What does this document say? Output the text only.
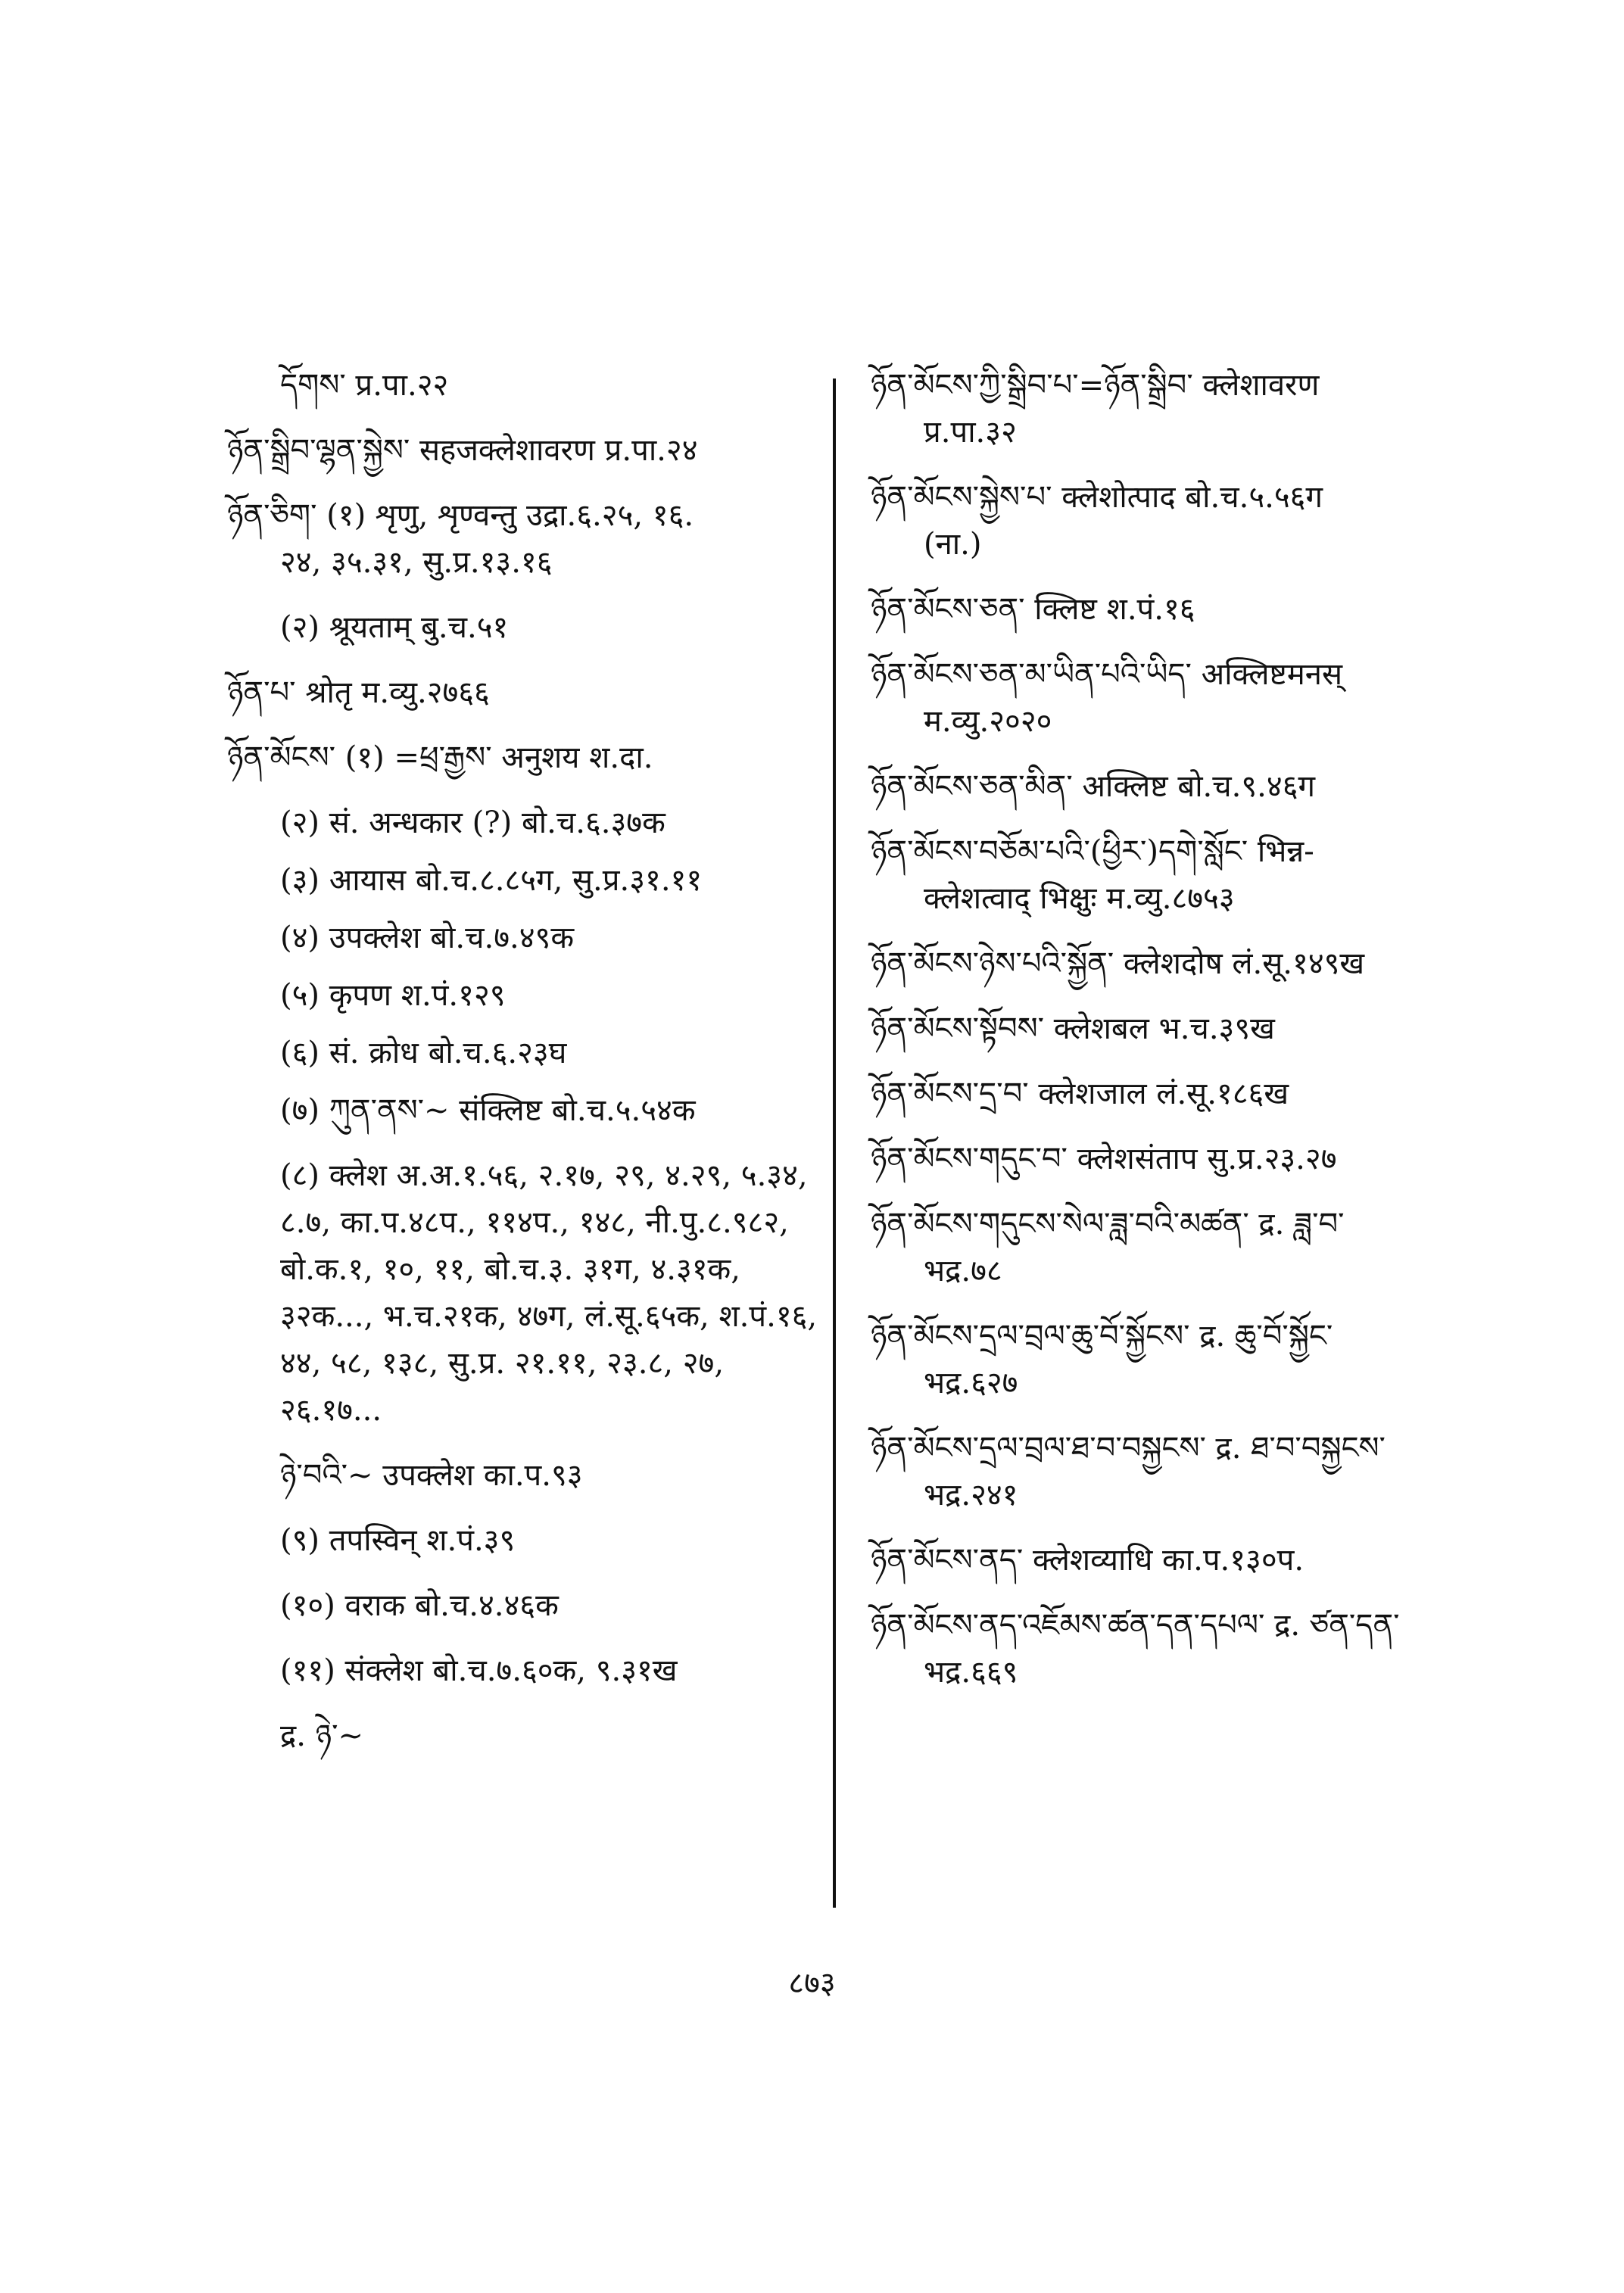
དོགས་ प्र.पा.२२
ཉོན་སྒྲིབ་ལྷན་སྐྱེས་ सहजक्लेशावरण प्र.पा.२४
ཉོན་ཅིག་ (१) शृणु, शृण्वन्तु उद्रा.६.२५, १६.
२४, ३५.३१, सु.प्र.१३.१६
(२) श्रूयताम् बु.च.५१
ཉོན་པ་ श्रोतृ म.व्यु.२७६६
ཉོན་མོངས་ (१) =ཕྲ་རྒྱས་ अनुशय श.दा.
(२) सं. अन्धकार (?) बो.च.६.३७क
(३) आयास बो.च.८.८५ग, सु.प्र.३१.११
(४) उपक्लेश बो.च.७.४९क
(५) कृपण श.पं.१२९
(६) सं. क्रोध बो.च.६.२३घ
(७) ཀུན་ནས་~ संक्लिष्ट बो.च.५.५४क
(८) क्लेश अ.अ.१.५६, २.१७, २९, ४.२९, ५.३४, ८.७, का.प.४८प., ११४प., १४८, नी.पु.८.९८२, बो.क.१, १०, ११, बो.च.३. ३१ग, ४.३१क, ३२क..., भ.च.२१क, ४७ग, लं.सू.६५क, श.पं.१६, ४४, ५८, १३८, सु.प्र. २१.११, २३.८, २७, २६.१७...
ཉེ་བའི་~ उपक्लेश का.प.९३
(९) तपस्विन् श.पं.३९
(१०) वराक बो.च.४.४६क
(११) संक्लेश बो.च.७.६०क, ९.३१ख
द्र. ཉེ་~
ཉོན་མོངས་ཀྱི་སྒྲིབ་པ་=ཉོན་སྒྲིབ་ क्लेशावरण
प्र.पा.३२
ཉོན་མོངས་སྐྱེས་པ་ क्लेशोत्पाद बो.च.५.५६ग
(ना.)
ཉོན་མོངས་ཅན་ क्लिष्ट श.पं.१६
ཉོན་མོངས་ཅན་མ་ཡིན་པའི་ཡིད་ अक्लिष्टमनस्
म.व्यु.२०२०
ཉོན་མོངས་ཅན་མིན་ अक्लिष्ट बो.च.९.४६ग
ཉོན་མོངས་བཅོམ་པའི་(ཕྱིར་)དགེ་སློང་ भिन्न-
क्लेशत्वाद् भिक्षुः म.व्यु.८७५३
ཉོན་མོངས་ཉེས་པའི་སྐྱོན་ क्लेशदोष लं.सू.१४९ख
ཉོན་མོངས་སྟོབས་ क्लेशबल भ.च.३९ख
ཉོན་མོངས་དྲ་བ་ क्लेशजाल लं.सू.१८६ख
ཉོན་མོངས་གདུང་བ་ क्लेशसंताप सु.प्र.२३.२७
ཉོན་མོངས་གདུངས་སེལ་ཟླ་བའི་མཚན་ द्र. ཟླ་བ་
भद्र.७८
ཉོན་མོངས་དྲལ་བྲལ་ཆུ་བོ་སྐྱོངས་ द्र. ཆུ་བོ་སྐྱོང་
भद्र.६२७
ཉོན་མོངས་དྲལ་བྲལ་ཐ་བ་བསྐྱངས་ द्र. ཐ་བ་བསྐྱངས་
भद्र.२४१
ཉོན་མོངས་ནད་ क्लेशव्याधि का.प.१३०प.
ཉོན་མོངས་ནད་འཇོམས་ཚན་དན་དཔལ་ द्र. ཙན་དན་
भद्र.६६९
८७३
